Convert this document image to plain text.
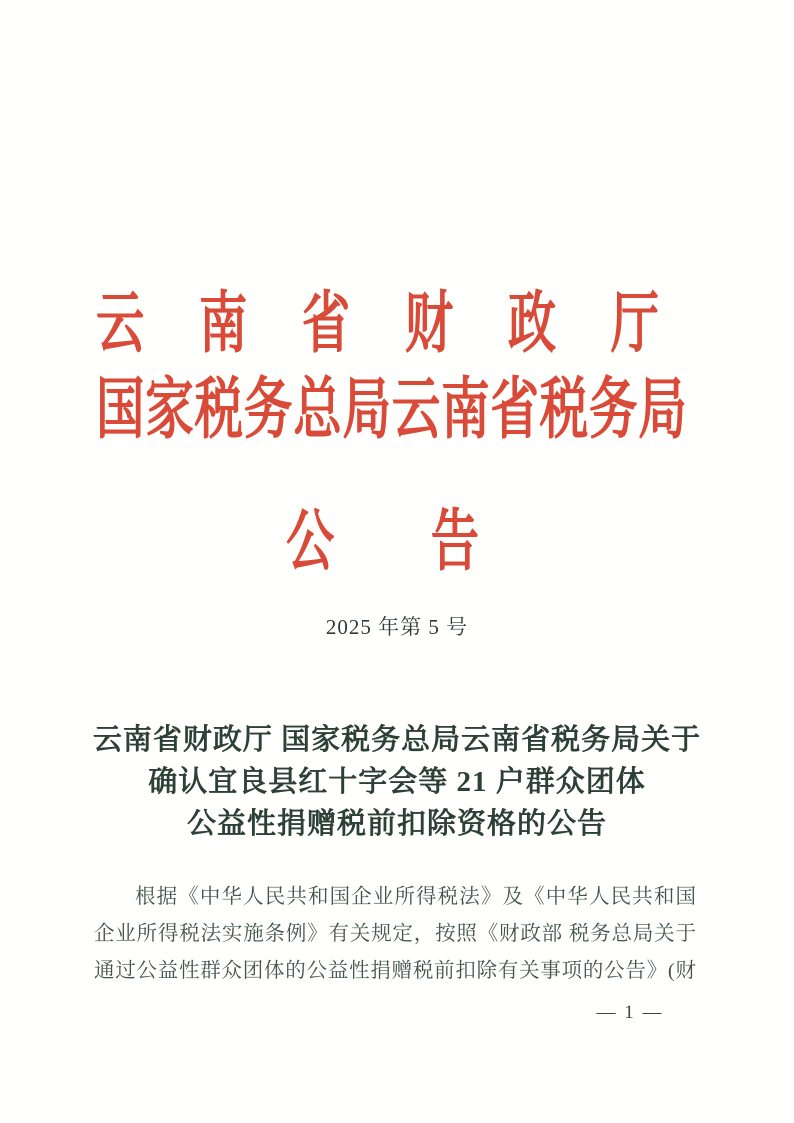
云南省财政厅
国家税务总局云南省税务局
公　　告
2025 年第 5 号
云南省财政厅 国家税务总局云南省税务局关于
确认宜良县红十字会等 21 户群众团体
公益性捐赠税前扣除资格的公告
根据《中华人民共和国企业所得税法》及《中华人民共和国
企业所得税法实施条例》有关规定，按照《财政部 税务总局关于
通过公益性群众团体的公益性捐赠税前扣除有关事项的公告》(财
— 1 —
